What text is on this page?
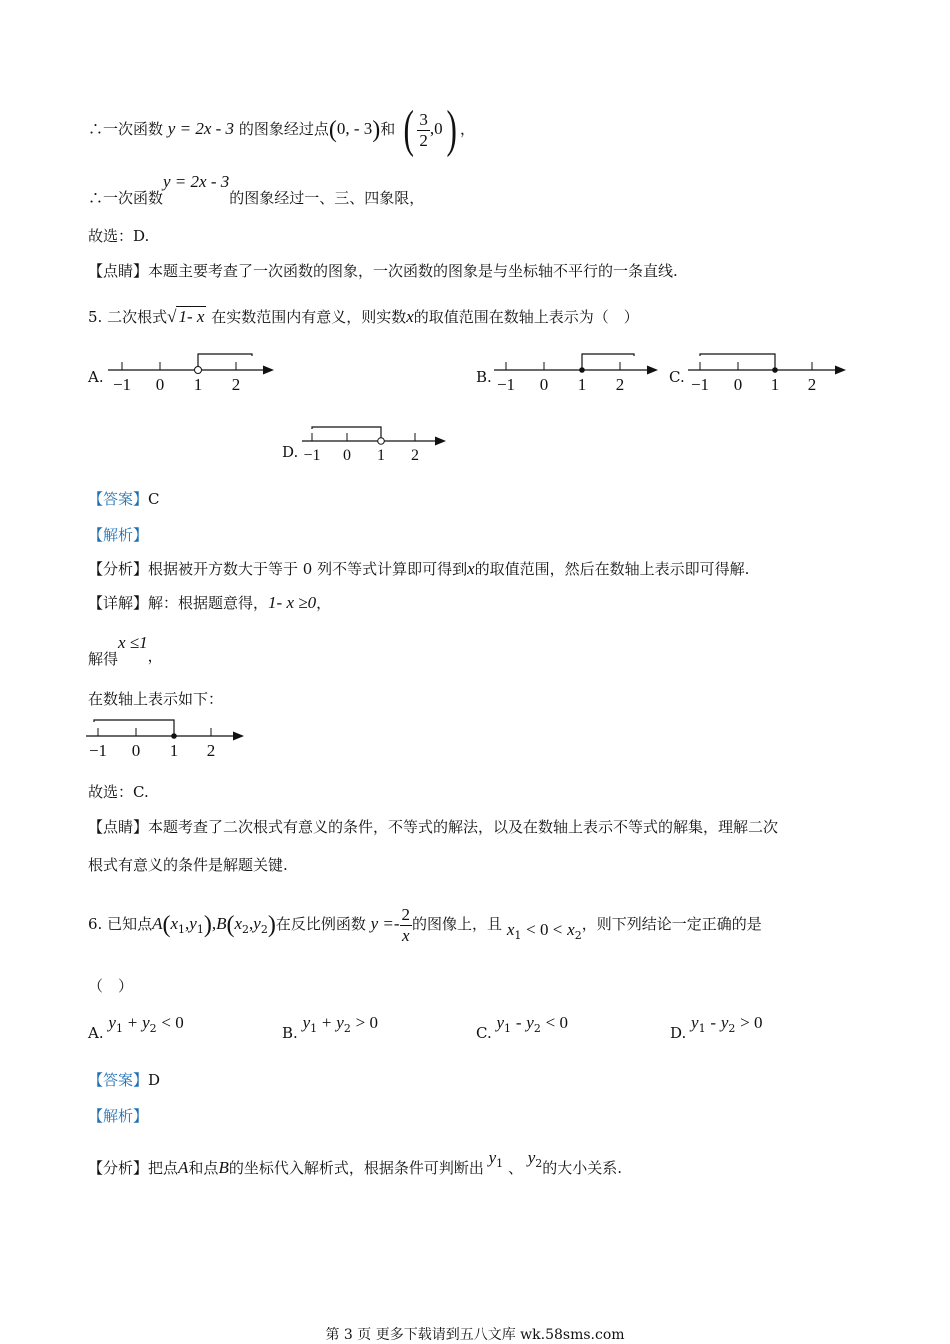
∴一次函数 y = 2x - 3 的图象经过点(0, - 3)和 ( $\frac{3}{2} ,0$) ，
∴一次函数y = 2x - 3的图象经过一、三、四象限，
故选：D.
【点睛】本题主要考查了一次函数的图象，一次函数的图象是与坐标轴不平行的一条直线.
5. 二次根式√ 1- x 在实数范围内有意义，则实数x的取值范围在数轴上表示为（　）
A. −1 0 1 2	B. −1 0 1 2	C. −1 0 1 2
D. −1 0 1 2
【答案】C
【解析】
【分析】根据被开方数大于等于 0 列不等式计算即可得到x的取值范围，然后在数轴上表示即可得解.
【详解】解：根据题意得，1- x ≥0，
解得x ≤1，
在数轴上表示如下：
−1 0 1 2
故选：C.
【点睛】本题考查了二次根式有意义的条件，不等式的解法，以及在数轴上表示不等式的解集，理解二次
根式有意义的条件是解题关键.
6. 已知点$A(x_1,y_1),B(x_2,y_2)$在反比例函数 $y =- \frac{2}{x}$ 的图像上，且 $x_1 < 0 < x_2$，则下列结论一定正确的是
（　）
A. $y_1 + y_2 < 0$
B. $y_1 + y_2 > 0$
C. $y_1 - y_2 < 0$
D. $y_1 - y_2 > 0$
【答案】D
【解析】
【分析】把点A和点B的坐标代入解析式，根据条件可判断出 $y_1$ 、 $y_2$的大小关系.
第 3 页 更多下载请到五八文库 wk.58sms.com
